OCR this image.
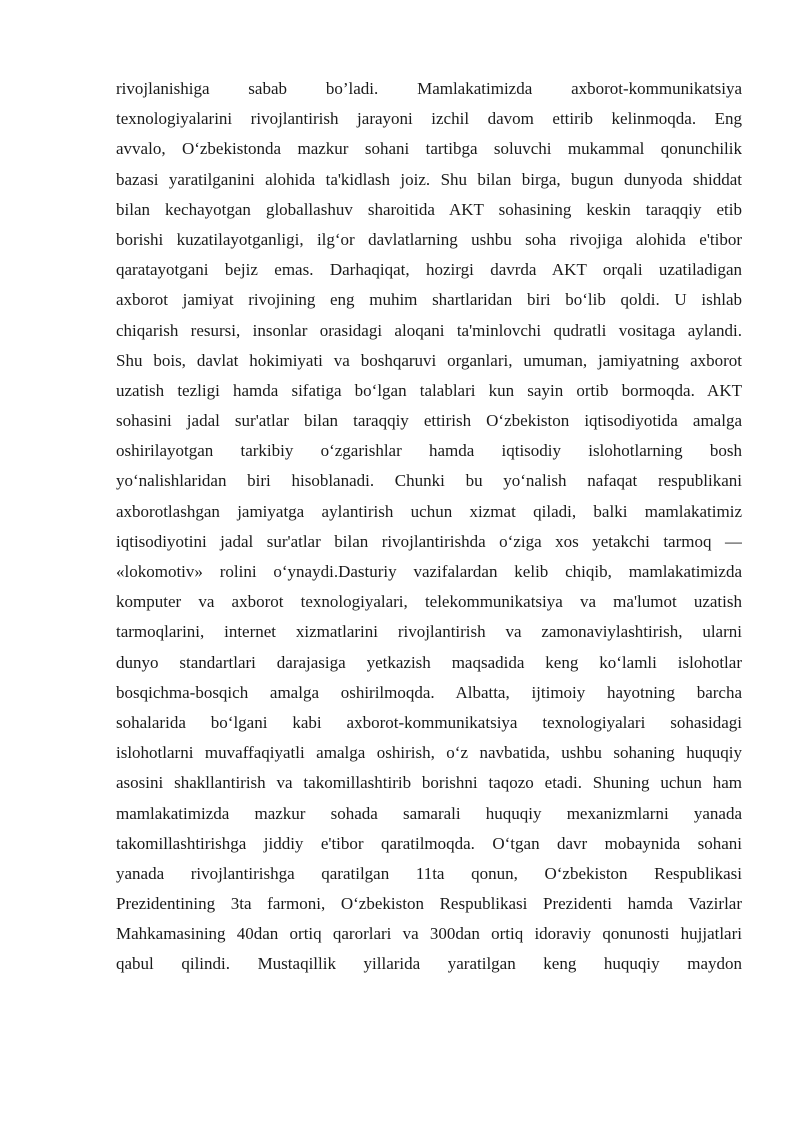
rivojlanishiga sabab bo’ladi. Mamlakatimizda axborot-kommunikatsiya
texnologiyalarini rivojlantirish jarayoni izchil davom ettirib kelinmoqda. Eng
avvalo, O‘zbekistonda mazkur sohani tartibga soluvchi mukammal qonunchilik
bazasi yaratilganini alohida ta'kidlash joiz. Shu bilan birga, bugun dunyoda shiddat
bilan kechayotgan globallashuv sharoitida AKT sohasining keskin taraqqiy etib
borishi kuzatilayotganligi, ilg‘or davlatlarning ushbu soha rivojiga alohida e'tibor
qaratayotgani bejiz emas. Darhaqiqat, hozirgi davrda AKT orqali uzatiladigan
axborot jamiyat rivojining eng muhim shartlaridan biri bo‘lib qoldi. U ishlab
chiqarish resursi, insonlar orasidagi aloqani ta'minlovchi qudratli vositaga aylandi.
Shu bois, davlat hokimiyati va boshqaruvi organlari, umuman, jamiyatning axborot
uzatish tezligi hamda sifatiga bo‘lgan talablari kun sayin ortib bormoqda. AKT
sohasini jadal sur'atlar bilan taraqqiy ettirish O‘zbekiston iqtisodiyotida amalga
oshirilayotgan tarkibiy o‘zgarishlar hamda iqtisodiy islohotlarning bosh
yo‘nalishlaridan biri hisoblanadi. Chunki bu yo‘nalish nafaqat respublikani
axborotlashgan jamiyatga aylantirish uchun xizmat qiladi, balki mamlakatimiz
iqtisodiyotini jadal sur'atlar bilan rivojlantirishda o‘ziga xos yetakchi tarmoq —
«lokomotiv» rolini o‘ynaydi.Dasturiy vazifalardan kelib chiqib, mamlakatimizda
komputer va axborot texnologiyalari, telekommunikatsiya va ma'lumot uzatish
tarmoqlarini, internet xizmatlarini rivojlantirish va zamonaviylashtirish, ularni
dunyo standartlari darajasiga yetkazish maqsadida keng ko‘lamli islohotlar
bosqichma-bosqich amalga oshirilmoqda. Albatta, ijtimoiy hayotning barcha
sohalarida bo‘lgani kabi axborot-kommunikatsiya texnologiyalari sohasidagi
islohotlarni muvaffaqiyatli amalga oshirish, o‘z navbatida, ushbu sohaning huquqiy
asosini shakllantirish va takomillashtirib borishni taqozo etadi. Shuning uchun ham
mamlakatimizda mazkur sohada samarali huquqiy mexanizmlarni yanada
takomillashtirishga jiddiy e'tibor qaratilmoqda. O‘tgan davr mobaynida sohani
yanada rivojlantirishga qaratilgan 11ta qonun, O‘zbekiston Respublikasi
Prezidentining 3ta farmoni, O‘zbekiston Respublikasi Prezidenti hamda Vazirlar
Mahkamasining 40dan ortiq qarorlari va 300dan ortiq idoraviy qonunosti hujjatlari
qabul qilindi. Mustaqillik yillarida yaratilgan keng huquqiy maydon
